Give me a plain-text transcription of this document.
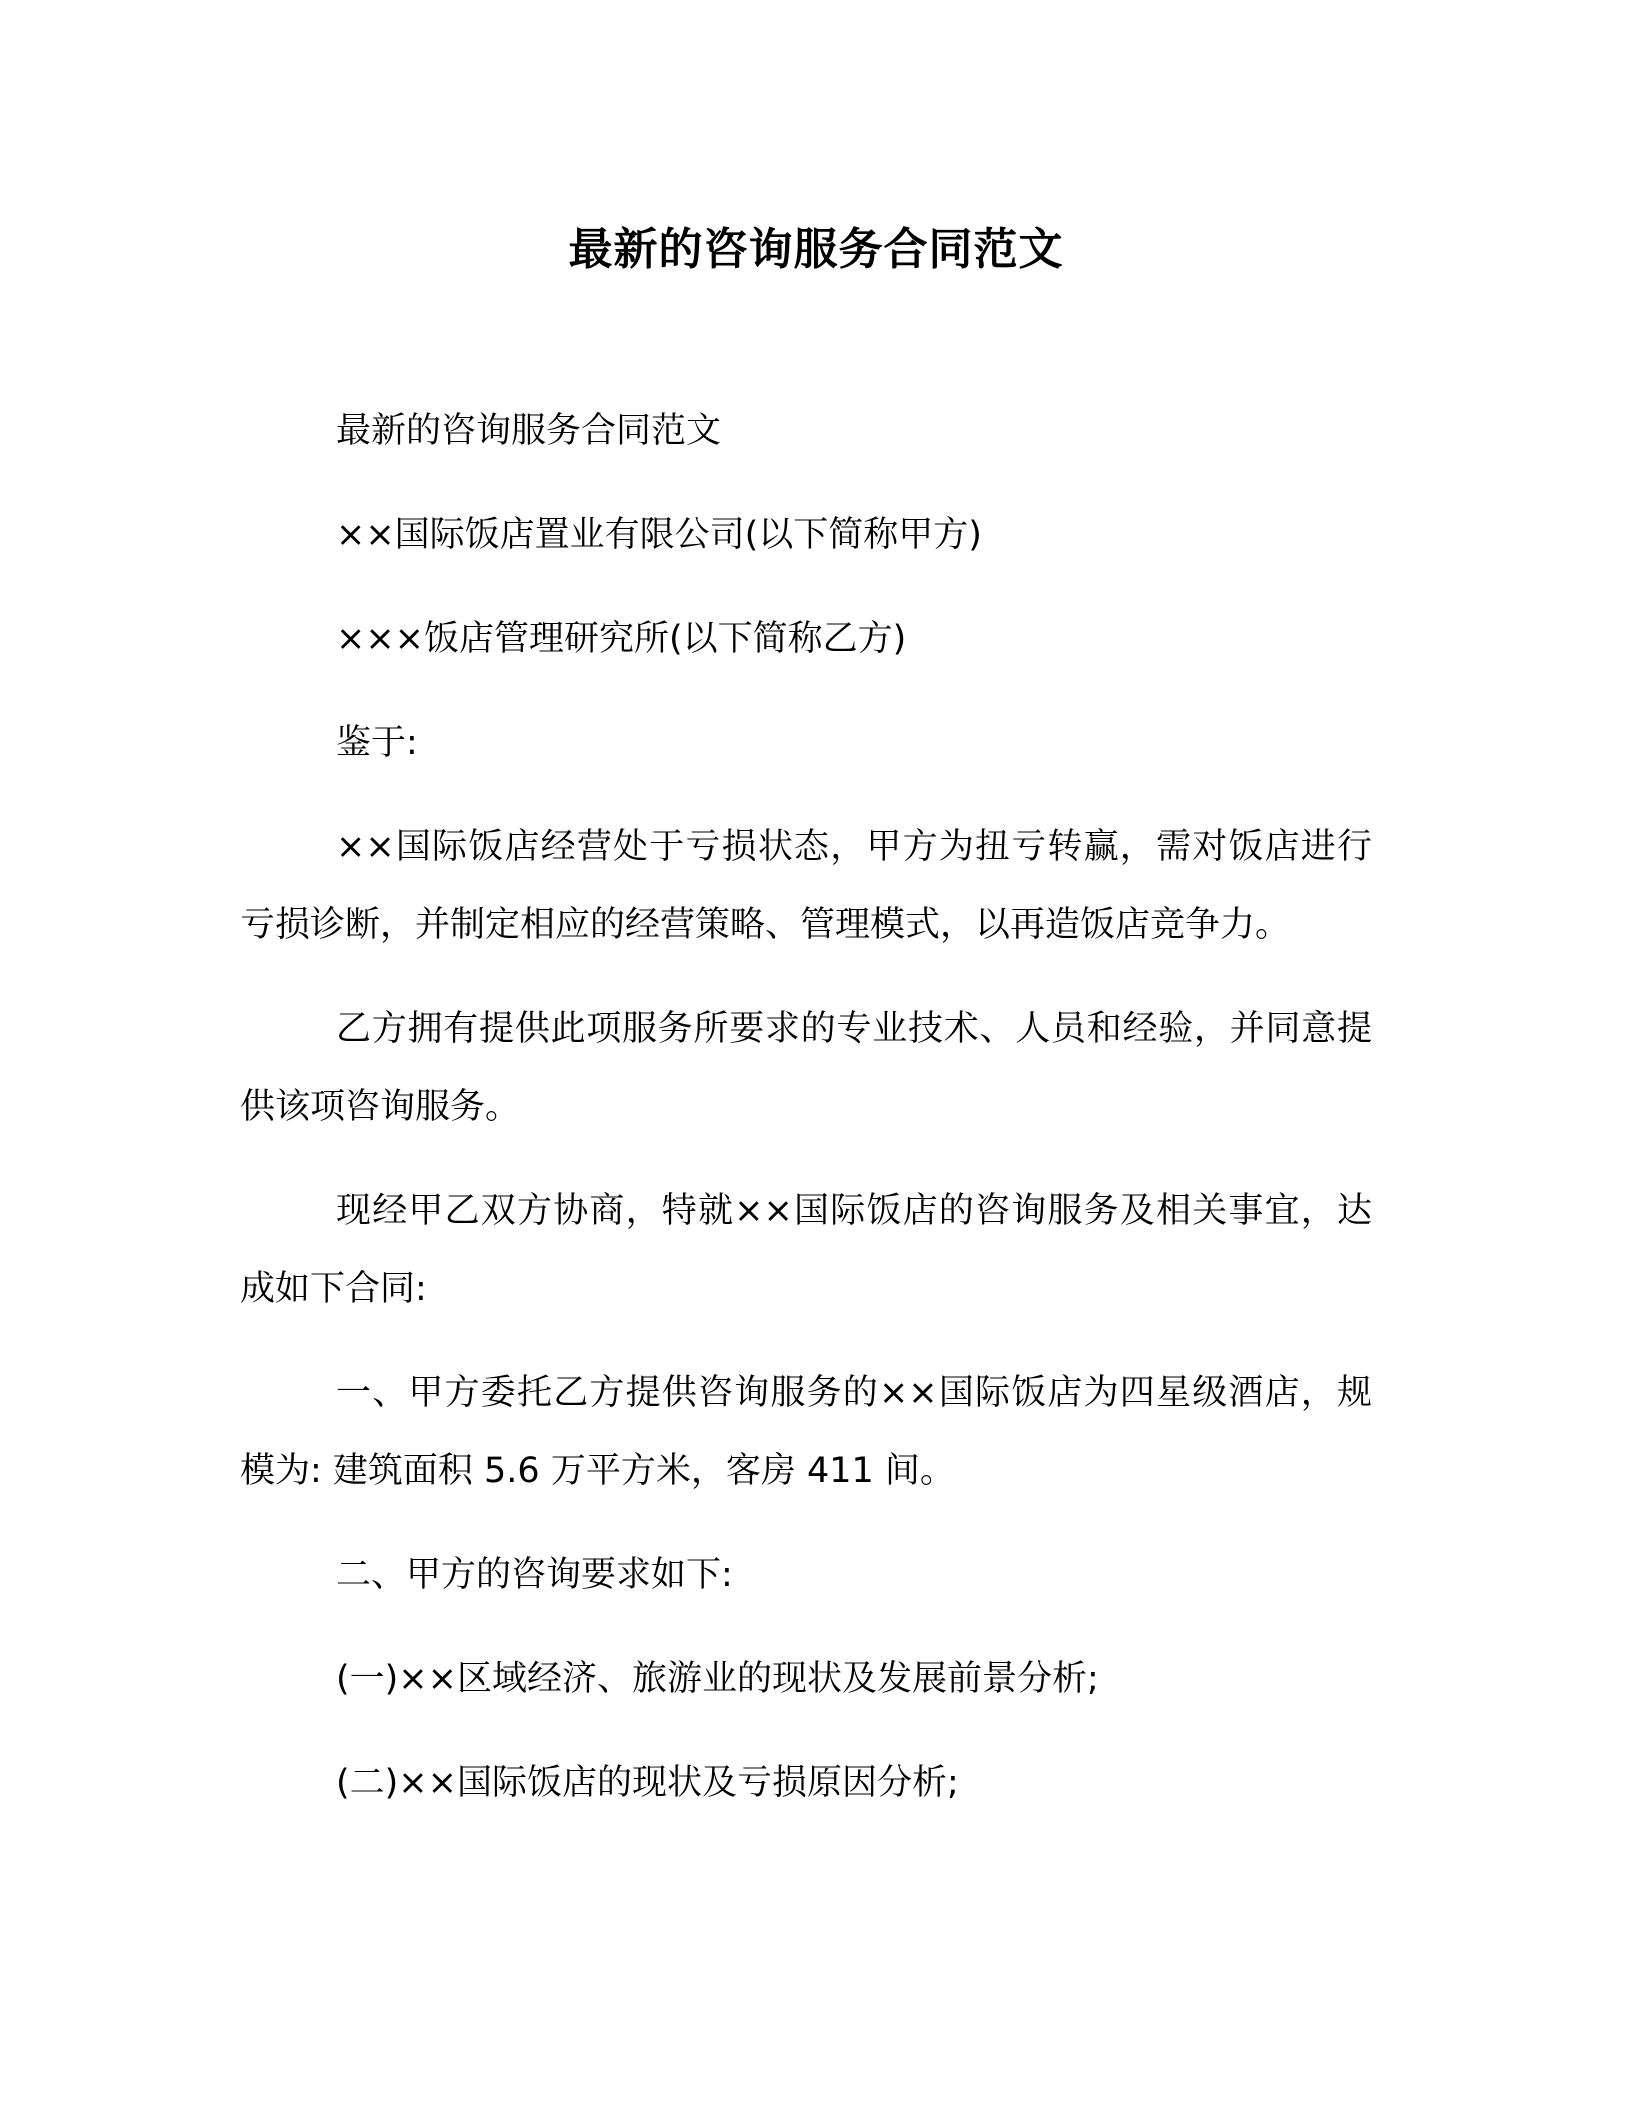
最新的咨询服务合同范文

最新的咨询服务合同范文

××国际饭店置业有限公司(以下简称甲方)

×××饭店管理研究所(以下简称乙方)

鉴于:

××国际饭店经营处于亏损状态，甲方为扭亏转赢，需对饭店进行亏损诊断，并制定相应的经营策略、管理模式，以再造饭店竞争力。

乙方拥有提供此项服务所要求的专业技术、人员和经验，并同意提供该项咨询服务。

现经甲乙双方协商，特就××国际饭店的咨询服务及相关事宜，达成如下合同:

一、甲方委托乙方提供咨询服务的××国际饭店为四星级酒店，规模为: 建筑面积 5.6 万平方米，客房 411 间。

二、甲方的咨询要求如下:

(一)××区域经济、旅游业的现状及发展前景分析;

(二)××国际饭店的现状及亏损原因分析;
